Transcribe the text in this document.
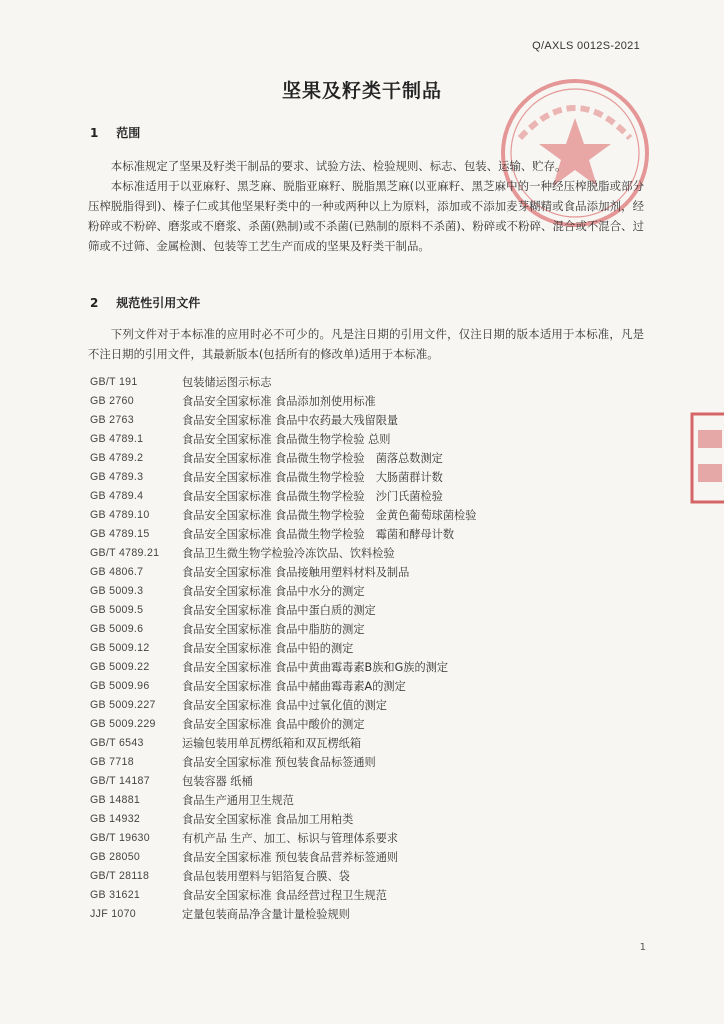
Q/AXLS 0012S-2021
坚果及籽类干制品
1 范围
本标准规定了坚果及籽类干制品的要求、试验方法、检验规则、标志、包装、运输、贮存。
本标准适用于以亚麻籽、黑芝麻、脱脂亚麻籽、脱脂黑芝麻(以亚麻籽、黑芝麻中的一种经压榨脱脂或部分压榨脱脂得到)、榛子仁或其他坚果籽类中的一种或两种以上为原料，添加或不添加麦芽糊精或食品添加剂，经粉碎或不粉碎、磨浆或不磨浆、杀菌(熟制)或不杀菌(已熟制的原料不杀菌)、粉碎或不粉碎、混合或不混合、过筛或不过筛、金属检测、包装等工艺生产而成的坚果及籽类干制品。
2 规范性引用文件
下列文件对于本标准的应用时必不可少的。凡是注日期的引用文件，仅注日期的版本适用于本标准，凡是不注日期的引用文件，其最新版本(包括所有的修改单)适用于本标准。
GB/T 191	包装储运图示标志
GB 2760	食品安全国家标准 食品添加剂使用标准
GB 2763	食品安全国家标准 食品中农药最大残留限量
GB 4789.1	食品安全国家标准 食品微生物学检验 总则
GB 4789.2	食品安全国家标准 食品微生物学检验　菌落总数测定
GB 4789.3	食品安全国家标准 食品微生物学检验　大肠菌群计数
GB 4789.4	食品安全国家标准 食品微生物学检验　沙门氏菌检验
GB 4789.10	食品安全国家标准 食品微生物学检验　金黄色葡萄球菌检验
GB 4789.15	食品安全国家标准 食品微生物学检验　霉菌和酵母计数
GB/T 4789.21	食品卫生微生物学检验冷冻饮品、饮料检验
GB 4806.7	食品安全国家标准 食品接触用塑料材料及制品
GB 5009.3	食品安全国家标准 食品中水分的测定
GB 5009.5	食品安全国家标准 食品中蛋白质的测定
GB 5009.6	食品安全国家标准 食品中脂肪的测定
GB 5009.12	食品安全国家标准 食品中铅的测定
GB 5009.22	食品安全国家标准 食品中黄曲霉毒素B族和G族的测定
GB 5009.96	食品安全国家标准 食品中赭曲霉毒素A的测定
GB 5009.227	食品安全国家标准 食品中过氧化值的测定
GB 5009.229	食品安全国家标准 食品中酸价的测定
GB/T 6543	运输包装用单瓦楞纸箱和双瓦楞纸箱
GB 7718	食品安全国家标准 预包装食品标签通则
GB/T 14187	包装容器 纸桶
GB 14881	食品生产通用卫生规范
GB 14932	食品安全国家标准 食品加工用粕类
GB/T 19630	有机产品 生产、加工、标识与管理体系要求
GB 28050	食品安全国家标准 预包装食品营养标签通则
GB/T 28118	食品包装用塑料与铝箔复合膜、袋
GB 31621	食品安全国家标准 食品经营过程卫生规范
JJF 1070	定量包装商品净含量计量检验规则
1
